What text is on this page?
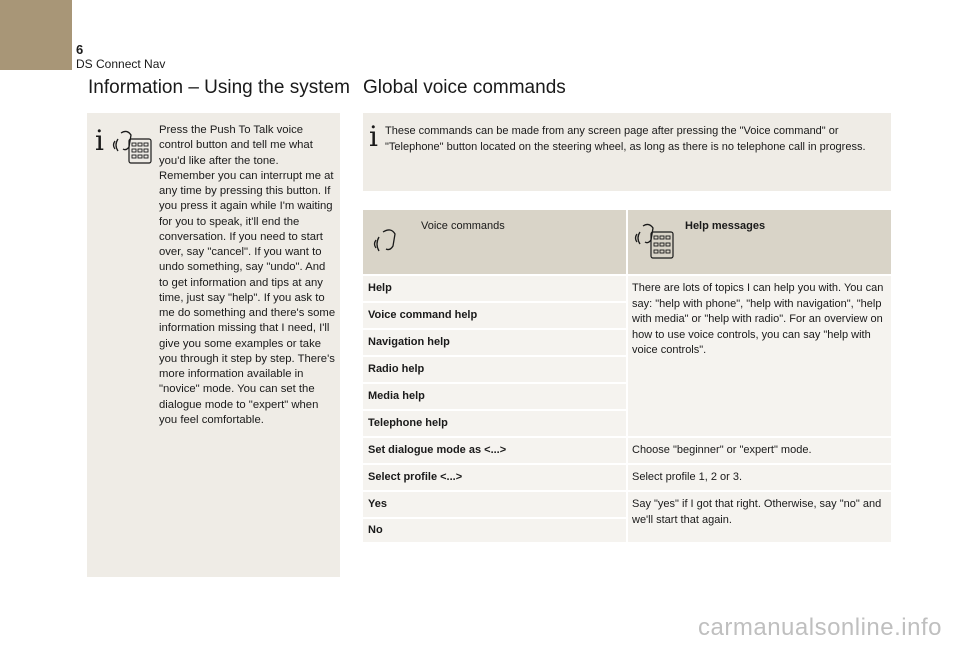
6
DS Connect Nav
Information – Using the system Global voice commands
i	Press the Push To Talk voice control button and tell me what you'd like after the tone. Remember you can interrupt me at any time by pressing this button. If you press it again while I'm waiting for you to speak, it'll end the conversation. If you need to start over, say "cancel". If you want to undo something, say "undo". And to get information and tips at any time, just say "help". If you ask to me do something and there's some information missing that I need, I'll give you some examples or take you through it step by step. There's more information available in "novice" mode. You can set the dialogue mode to "expert" when you feel comfortable.
i These commands can be made from any screen page after pressing the "Voice command" or "Telephone" button located on the steering wheel, as long as there is no telephone call in progress.
Voice commands	Help messages
Help
Voice command help
Navigation help
Radio help
Media help
Telephone help
Set dialogue mode as <...>
Select profile <...>
Yes
No
There are lots of topics I can help you with. You can say: "help with phone", "help with navigation", "help with media" or "help with radio". For an overview on how to use voice controls, you can say "help with voice controls".
Choose "beginner" or "expert" mode.
Select profile 1, 2 or 3.
Say "yes" if I got that right. Otherwise, say "no" and we'll start that again.
carmanualsonline.info
